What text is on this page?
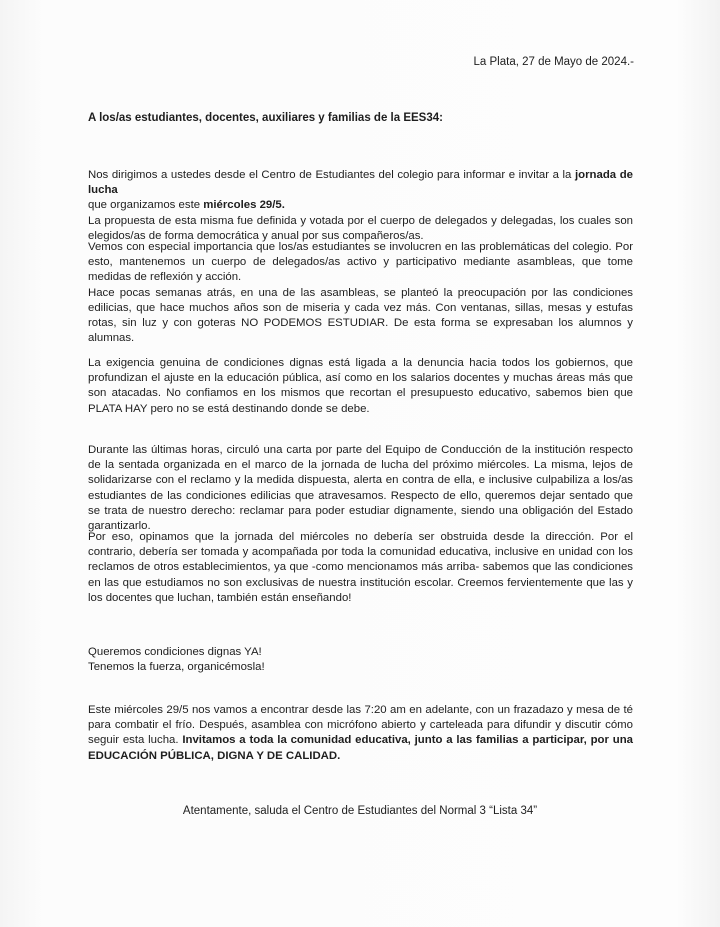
La Plata, 27 de Mayo de 2024.-
A los/as estudiantes, docentes, auxiliares y familias de la EES34:

Nos dirigimos a ustedes desde el Centro de Estudiantes del colegio para informar e invitar a la jornada de lucha
que organizamos este miércoles 29/5.

La propuesta de esta misma fue definida y votada por el cuerpo de delegados y delegadas, los cuales son elegidos/as de forma democrática y anual por sus compañeros/as.

Vemos con especial importancia que los/as estudiantes se involucren en las problemáticas del colegio. Por esto, mantenemos un cuerpo de delegados/as activo y participativo mediante asambleas, que tome medidas de reflexión y acción.

Hace pocas semanas atrás, en una de las asambleas, se planteó la preocupación por las condiciones edilicias, que hace muchos años son de miseria y cada vez más. Con ventanas, sillas, mesas y estufas rotas, sin luz y con goteras NO PODEMOS ESTUDIAR. De esta forma se expresaban los alumnos y alumnas.

La exigencia genuina de condiciones dignas está ligada a la denuncia hacia todos los gobiernos, que profundizan el ajuste en la educación pública, así como en los salarios docentes y muchas áreas más que son atacadas. No confiamos en los mismos que recortan el presupuesto educativo, sabemos bien que PLATA HAY pero no se está destinando donde se debe.

Durante las últimas horas, circuló una carta por parte del Equipo de Conducción de la institución respecto de la sentada organizada en el marco de la jornada de lucha del próximo miércoles. La misma, lejos de solidarizarse con el reclamo y la medida dispuesta, alerta en contra de ella, e inclusive culpabiliza a los/as estudiantes de las condiciones edilicias que atravesamos. Respecto de ello, queremos dejar sentado que se trata de nuestro derecho: reclamar para poder estudiar dignamente, siendo una obligación del Estado garantizarlo.

Por eso, opinamos que la jornada del miércoles no debería ser obstruida desde la dirección. Por el contrario, debería ser tomada y acompañada por toda la comunidad educativa, inclusive en unidad con los reclamos de otros establecimientos, ya que -como mencionamos más arriba- sabemos que las condiciones en las que estudiamos no son exclusivas de nuestra institución escolar. Creemos fervientemente que las y los docentes que luchan, también están enseñando!

Queremos condiciones dignas YA!

Tenemos la fuerza, organicémosla!

Este miércoles 29/5 nos vamos a encontrar desde las 7:20 am en adelante, con un frazadazo y mesa de té para combatir el frío. Después, asamblea con micrófono abierto y carteleada para difundir y discutir cómo seguir esta lucha. Invitamos a toda la comunidad educativa, junto a las familias a participar, por una EDUCACIÓN PÚBLICA, DIGNA Y DE CALIDAD.

Atentamente, saluda el Centro de Estudiantes del Normal 3 “Lista 34”
